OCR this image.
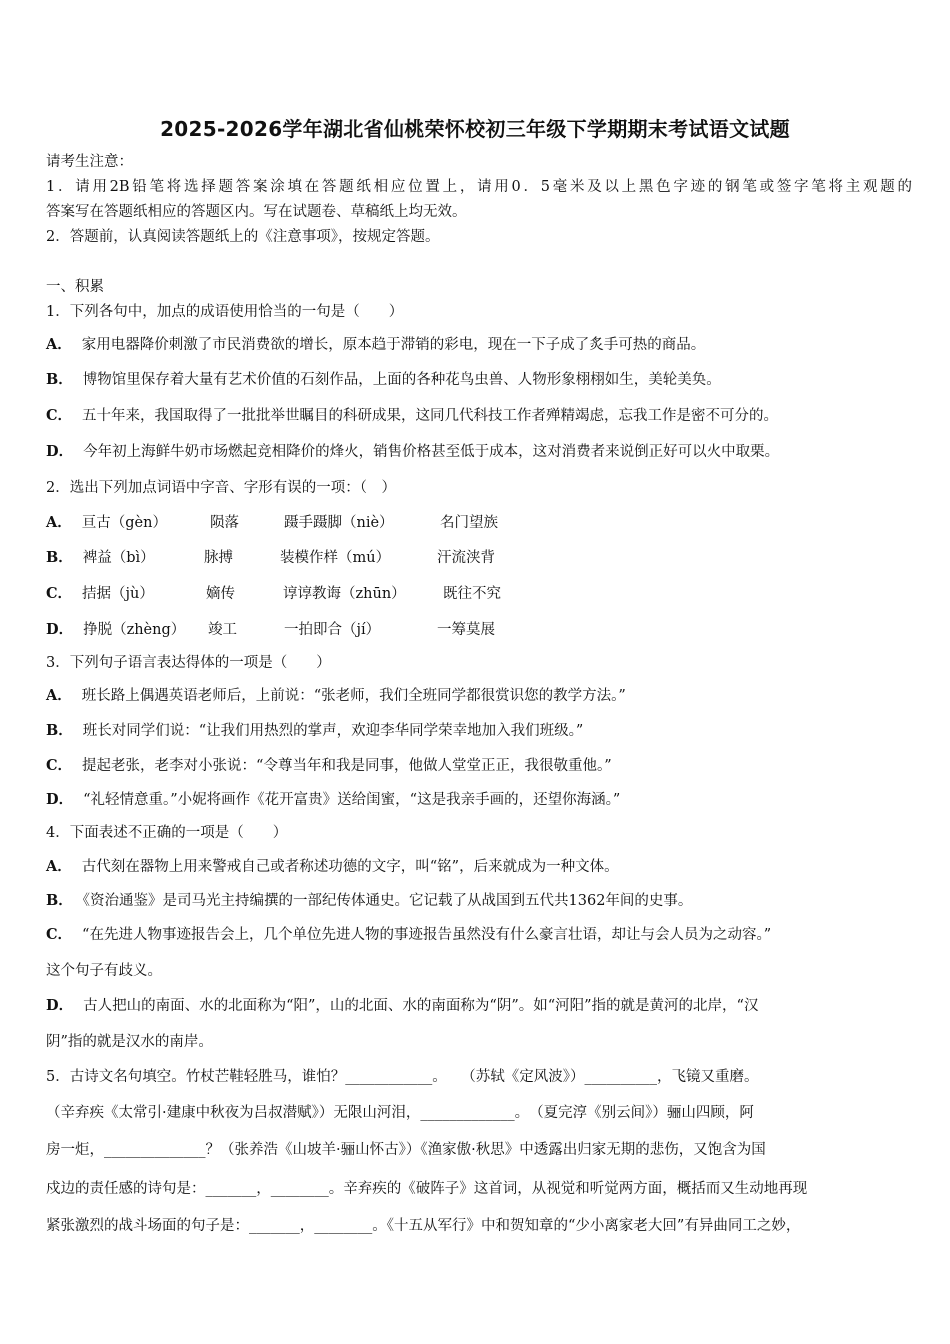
2025-2026学年湖北省仙桃荣怀校初三年级下学期期末考试语文试题
请考生注意：
1．请用2B铅笔将选择题答案涂填在答题纸相应位置上，请用0．5毫米及以上黑色字迹的钢笔或签字笔将主观题的
答案写在答题纸相应的答题区内。写在试题卷、草稿纸上均无效。
2．答题前，认真阅读答题纸上的《注意事项》，按规定答题。
一、积累
1．下列各句中，加点的成语使用恰当的一句是（　　）
A． 家用电器降价刺激了市民消费欲的增长，原本趋于滞销的彩电，现在一下子成了炙手可热的商品。
B． 博物馆里保存着大量有艺术价值的石刻作品，上面的各种花鸟虫兽、人物形象栩栩如生，美轮美奂。
C． 五十年来，我国取得了一批批举世瞩目的科研成果，这同几代科技工作者殚精竭虑，忘我工作是密不可分的。
D． 今年初上海鲜牛奶市场燃起竞相降价的烽火，销售价格甚至低于成本，这对消费者来说倒正好可以火中取栗。
2．选出下列加点词语中字音、字形有误的一项：（　）
A． 亘古（gèn）	陨落	蹑手蹑脚（niè）	名门望族
B． 裨益（bì）	脉搏	装模作样（mú）	汗流浃背
C． 拮据（jù）	嫡传	谆谆教诲（zhūn）	既往不究
D． 挣脱（zhèng） 竣工	一拍即合（jí）	一筹莫展
3．下列句子语言表达得体的一项是（　　）
A． 班长路上偶遇英语老师后，上前说：“张老师，我们全班同学都很赏识您的教学方法。”
B． 班长对同学们说：“让我们用热烈的掌声，欢迎李华同学荣幸地加入我们班级。”
C． 提起老张，老李对小张说：“令尊当年和我是同事，他做人堂堂正正，我很敬重他。”
D． “礼轻情意重。”小妮将画作《花开富贵》送给闺蜜，“这是我亲手画的，还望你海涵。”
4．下面表述不正确的一项是（　　）
A． 古代刻在器物上用来警戒自己或者称述功德的文字，叫“铭”，后来就成为一种文体。
B． 《资治通鉴》是司马光主持编撰的一部纪传体通史。它记载了从战国到五代共1362年间的史事。
C． “在先进人物事迹报告会上，几个单位先进人物的事迹报告虽然没有什么豪言壮语，却让与会人员为之动容。”
这个句子有歧义。
D． 古人把山的南面、水的北面称为“阳”，山的北面、水的南面称为“阴”。如“河阳”指的就是黄河的北岸，“汉
阴”指的就是汉水的南岸。
5．古诗文名句填空。竹杖芒鞋轻胜马，谁怕？____________。　　（苏轼《定风波》）__________，飞镜又重磨。
（辛弃疾《太常引·建康中秋夜为吕叔潜赋》）无限山河泪，_____________。　（夏完淳《别云间》）骊山四顾，阿
房一炬，______________？（张养浩《山坡羊·骊山怀古》）《渔家傲·秋思》中透露出归家无期的悲伤，又饱含为国
戍边的责任感的诗句是：_______，________。辛弃疾的《破阵子》这首词，从视觉和听觉两方面，概括而又生动地再现
紧张激烈的战斗场面的句子是：_______，________。《十五从军行》中和贺知章的“少小离家老大回”有异曲同工之妙，
